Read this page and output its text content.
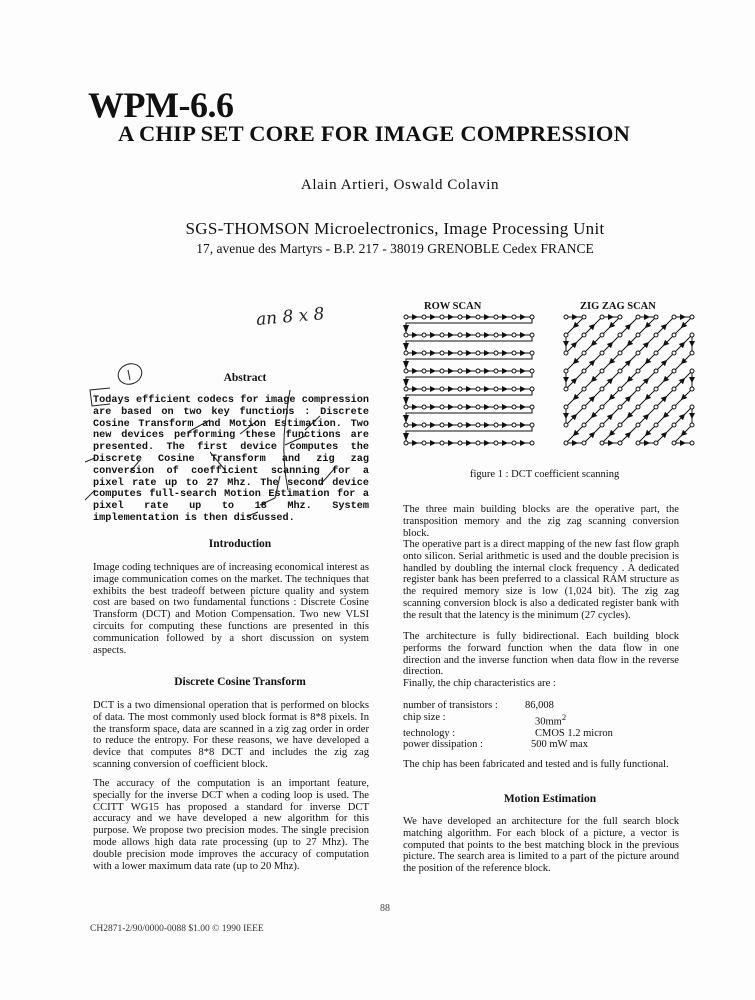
WPM-6.6
A CHIP SET CORE FOR IMAGE COMPRESSION
Alain Artieri, Oswald Colavin
SGS-THOMSON Microelectronics, Image Processing Unit
17, avenue des Martyrs - B.P. 217 - 38019 GRENOBLE Cedex FRANCE
an 8 x 8
Abstract
Todays efficient codecs for image compression are based on two key functions : Discrete Cosine Transform and Motion Estimation. Two new devices performing these functions are presented. The first device computes the Discrete Cosine Transform and zig zag conversion of coefficient scanning for a pixel rate up to 27 Mhz. The second device computes full-search Motion Estimation for a pixel rate up to 18 Mhz. System implementation is then discussed.
Introduction
Image coding techniques are of increasing economical interest as image communication comes on the market. The techniques that exhibits the best tradeoff between picture quality and system cost are based on two fundamental functions : Discrete Cosine Transform (DCT) and Motion Compensation. Two new VLSI circuits for computing these functions are presented in this communication followed by a short discussion on system aspects.
Discrete Cosine Transform
DCT is a two dimensional operation that is performed on blocks of data. The most commonly used block format is 8*8 pixels. In the transform space, data are scanned in a zig zag order in order to reduce the entropy. For these reasons, we have developed a device that computes 8*8 DCT and includes the zig zag scanning conversion of coefficient block.
The accuracy of the computation is an important feature, specially for the inverse DCT when a coding loop is used. The CCITT WG15 has proposed a standard for inverse DCT accuracy and we have developed a new algorithm for this purpose. We propose two precision modes. The single precision mode allows high data rate processing (up to 27 Mhz). The double precision mode improves the accuracy of computation with a lower maximum data rate (up to 20 Mhz).
ROW SCAN	ZIG ZAG SCAN
figure 1 : DCT coefficient scanning
The three main building blocks are the operative part, the transposition memory and the zig zag scanning conversion block.
The operative part is a direct mapping of the new fast flow graph onto silicon. Serial arithmetic is used and the double precision is handled by doubling the internal clock frequency . A dedicated register bank has been preferred to a classical RAM structure as the required memory size is low (1,024 bit). The zig zag scanning conversion block is also a dedicated register bank with the result that the latency is the minimum (27 cycles).
The architecture is fully bidirectional. Each building block performs the forward function when the data flow in one direction and the inverse function when data flow in the reverse direction.
Finally, the chip characteristics are :
number of transistors :	86,008
chip size :	$30mm^2$
technology :	CMOS 1.2 micron
power dissipation :	500 mW max
The chip has been fabricated and tested and is fully functional.
Motion Estimation
We have developed an architecture for the full search block matching algorithm. For each block of a picture, a vector is computed that points to the best matching block in the previous picture. The search area is limited to a part of the picture around the position of the reference block.
88
CH2871-2/90/0000-0088 $1.00 © 1990 IEEE
